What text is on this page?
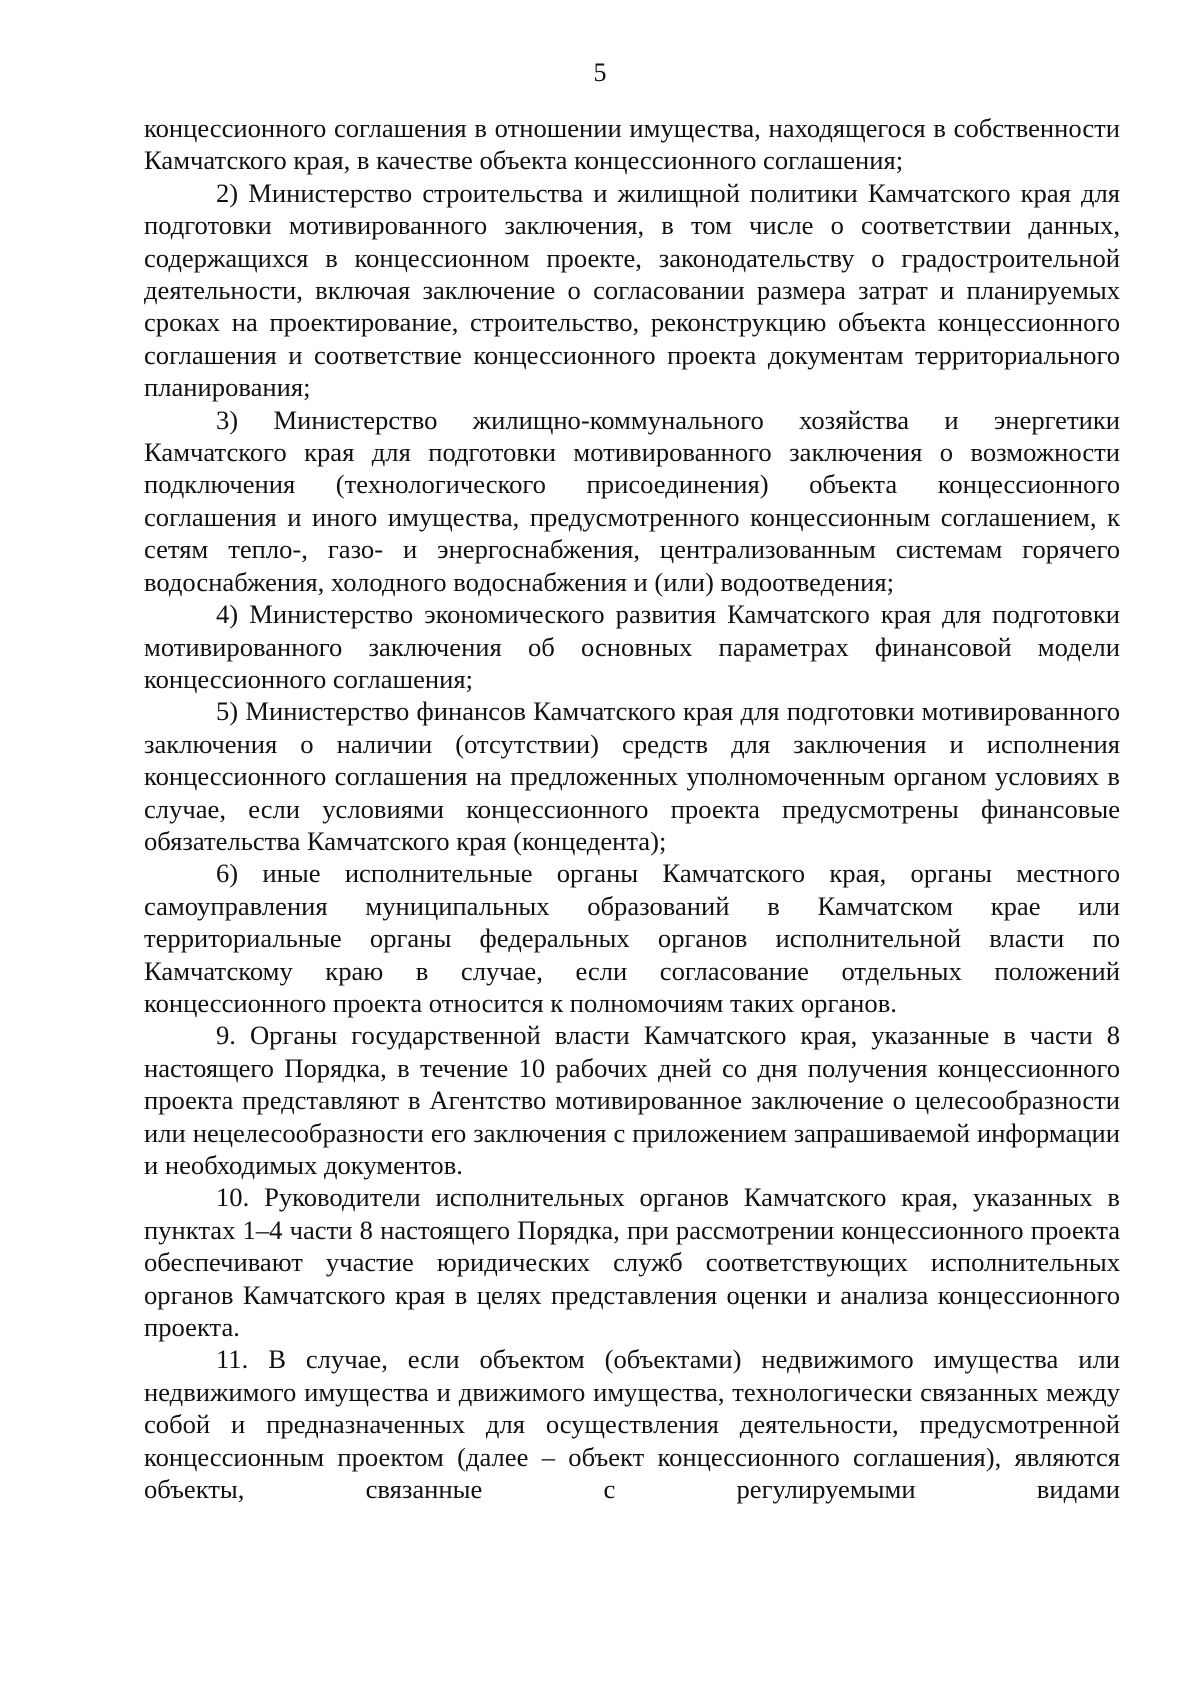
5

концессионного соглашения в отношении имущества, находящегося в собственности Камчатского края, в качестве объекта концессионного соглашения;

2) Министерство строительства и жилищной политики Камчатского края для подготовки мотивированного заключения, в том числе о соответствии данных, содержащихся в концессионном проекте, законодательству о градостроительной деятельности, включая заключение о согласовании размера затрат и планируемых сроках на проектирование, строительство, реконструкцию объекта концессионного соглашения и соответствие концессионного проекта документам территориального планирования;

3) Министерство жилищно-коммунального хозяйства и энергетики Камчатского края для подготовки мотивированного заключения о возможности подключения (технологического присоединения) объекта концессионного соглашения и иного имущества, предусмотренного концессионным соглашением, к сетям тепло-, газо- и энергоснабжения, централизованным системам горячего водоснабжения, холодного водоснабжения и (или) водоотведения;

4) Министерство экономического развития Камчатского края для подготовки мотивированного заключения об основных параметрах финансовой модели концессионного соглашения;

5) Министерство финансов Камчатского края для подготовки мотивированного заключения о наличии (отсутствии) средств для заключения и исполнения концессионного соглашения на предложенных уполномоченным органом условиях в случае, если условиями концессионного проекта предусмотрены финансовые обязательства Камчатского края (концедента);

6) иные исполнительные органы Камчатского края, органы местного самоуправления муниципальных образований в Камчатском крае или территориальные органы федеральных органов исполнительной власти по Камчатскому краю в случае, если согласование отдельных положений концессионного проекта относится к полномочиям таких органов.

9. Органы государственной власти Камчатского края, указанные в части 8 настоящего Порядка, в течение 10 рабочих дней со дня получения концессионного проекта представляют в Агентство мотивированное заключение о целесообразности или нецелесообразности его заключения с приложением запрашиваемой информации и необходимых документов.

10. Руководители исполнительных органов Камчатского края, указанных в пунктах 1–4 части 8 настоящего Порядка, при рассмотрении концессионного проекта обеспечивают участие юридических служб соответствующих исполнительных органов Камчатского края в целях представления оценки и анализа концессионного проекта.

11. В случае, если объектом (объектами) недвижимого имущества или недвижимого имущества и движимого имущества, технологически связанных между собой и предназначенных для осуществления деятельности, предусмотренной концессионным проектом (далее – объект концессионного соглашения), являются объекты, связанные с регулируемыми видами
